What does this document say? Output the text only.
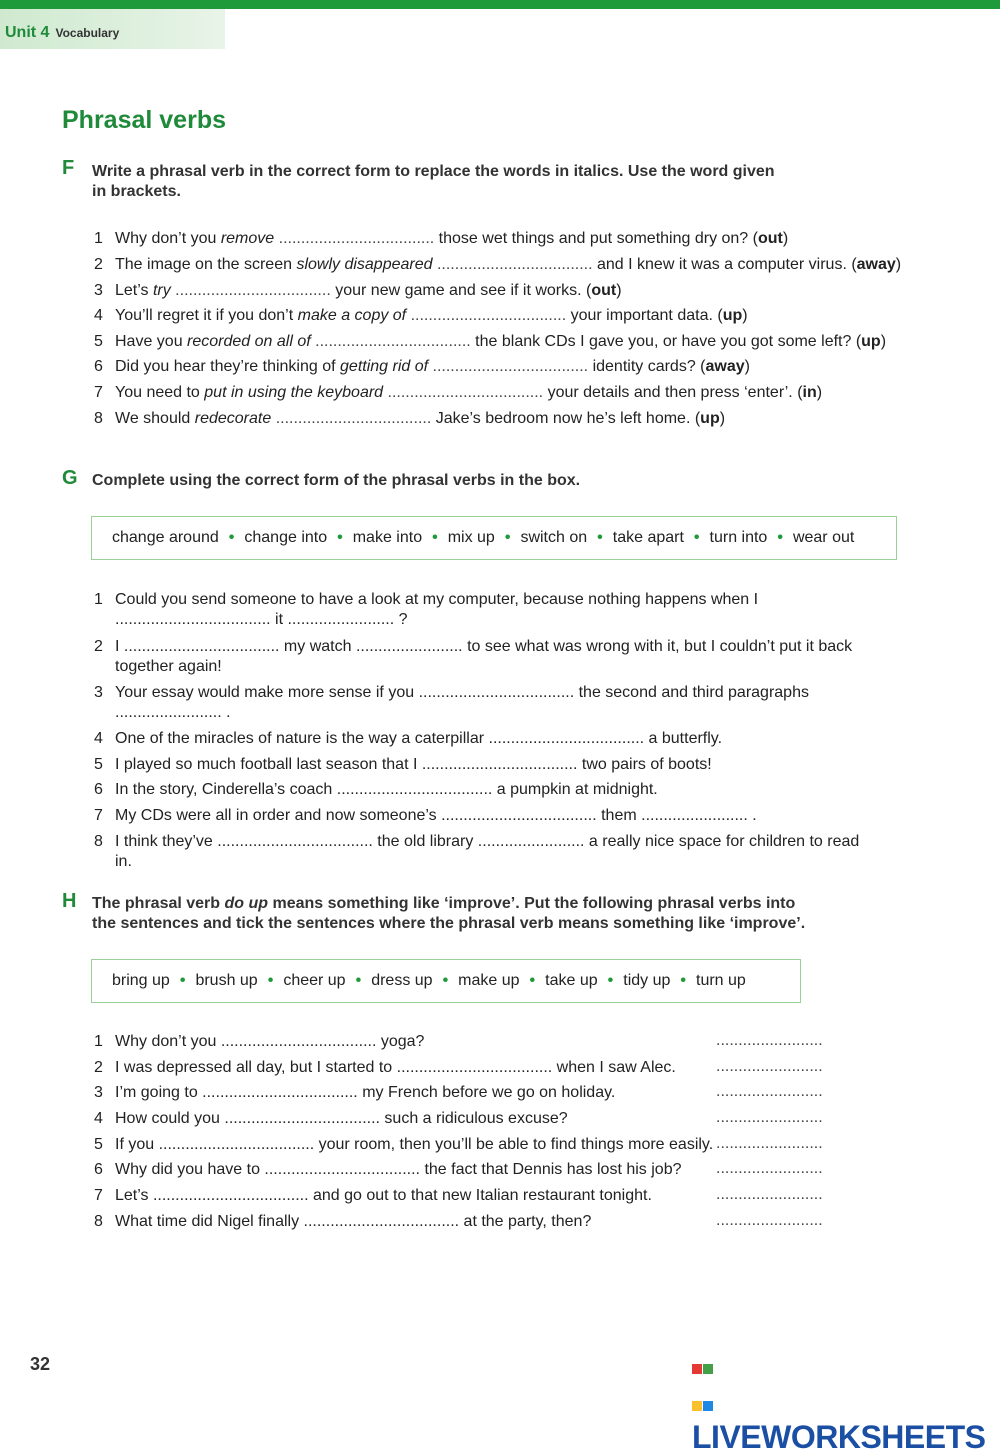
Unit 4 Vocabulary
Phrasal verbs
F Write a phrasal verb in the correct form to replace the words in italics. Use the word given
in brackets.
1 Why don’t you remove ................................... those wet things and put something dry on? (out)
2 The image on the screen slowly disappeared ................................... and I knew it was a computer virus. (away)
3 Let’s try ................................... your new game and see if it works. (out)
4 You’ll regret it if you don’t make a copy of ................................... your important data. (up)
5 Have you recorded on all of ................................... the blank CDs I gave you, or have you got some left? (up)
6 Did you hear they’re thinking of getting rid of ................................... identity cards? (away)
7 You need to put in using the keyboard ................................... your details and then press ‘enter’. (in)
8 We should redecorate ................................... Jake’s bedroom now he’s left home. (up)
G Complete using the correct form of the phrasal verbs in the box.
change around • change into • make into • mix up • switch on • take apart • turn into • wear out
1 Could you send someone to have a look at my computer, because nothing happens when I
................................... it ........................ ?
2 I ................................... my watch ........................ to see what was wrong with it, but I couldn’t put it back
together again!
3 Your essay would make more sense if you ................................... the second and third paragraphs
........................ .
4 One of the miracles of nature is the way a caterpillar ................................... a butterfly.
5 I played so much football last season that I ................................... two pairs of boots!
6 In the story, Cinderella’s coach ................................... a pumpkin at midnight.
7 My CDs were all in order and now someone’s ................................... them ........................ .
8 I think they’ve ................................... the old library ........................ a really nice space for children to read in.
H The phrasal verb do up means something like ‘improve’. Put the following phrasal verbs into
the sentences and tick the sentences where the phrasal verb means something like ‘improve’.
bring up • brush up • cheer up • dress up • make up • take up • tidy up • turn up
1 Why don’t you ................................... yoga?	........................
2 I was depressed all day, but I started to ................................... when I saw Alec.	........................
3 I’m going to ................................... my French before we go on holiday.	........................
4 How could you ................................... such a ridiculous excuse?	........................
5 If you ................................... your room, then you’ll be able to find things more easily. ........................
6 Why did you have to ................................... the fact that Dennis has lost his job?	........................
7 Let’s ................................... and go out to that new Italian restaurant tonight.	........................
8 What time did Nigel finally ................................... at the party, then?	........................
32

LIVEWORKSHEETS
